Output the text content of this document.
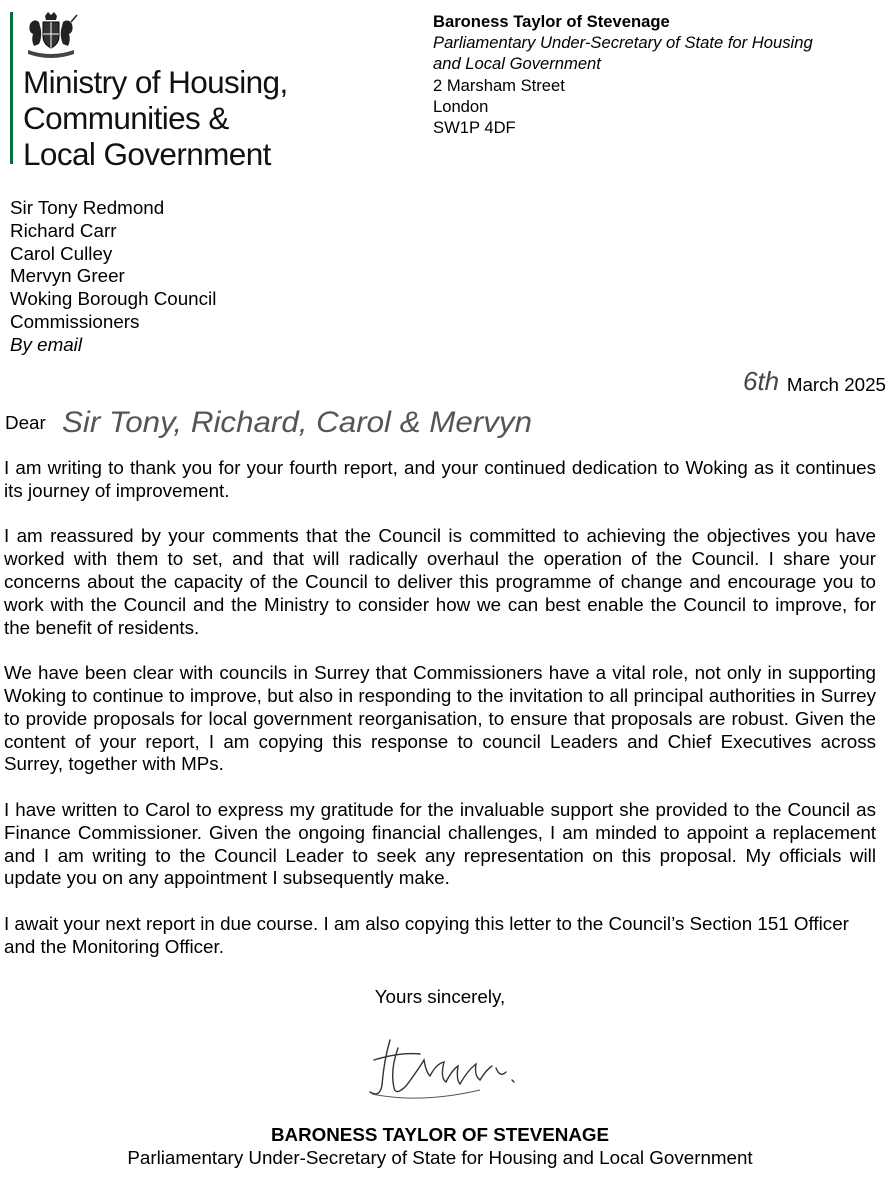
Ministry of Housing,
Communities &
Local Government
Baroness Taylor of Stevenage
Parliamentary Under-Secretary of State for Housing
and Local Government
2 Marsham Street
London
SW1P 4DF
Sir Tony Redmond
Richard Carr
Carol Culley
Mervyn Greer
Woking Borough Council
Commissioners
By email
6th March 2025
Dear Sir Tony, Richard, Carol & Mervyn

I am writing to thank you for your fourth report, and your continued dedication to Woking as it continues its journey of improvement.

I am reassured by your comments that the Council is committed to achieving the objectives you have worked with them to set, and that will radically overhaul the operation of the Council. I share your concerns about the capacity of the Council to deliver this programme of change and encourage you to work with the Council and the Ministry to consider how we can best enable the Council to improve, for the benefit of residents.

We have been clear with councils in Surrey that Commissioners have a vital role, not only in supporting Woking to continue to improve, but also in responding to the invitation to all principal authorities in Surrey to provide proposals for local government reorganisation, to ensure that proposals are robust. Given the content of your report, I am copying this response to council Leaders and Chief Executives across Surrey, together with MPs.

I have written to Carol to express my gratitude for the invaluable support she provided to the Council as Finance Commissioner. Given the ongoing financial challenges, I am minded to appoint a replacement and I am writing to the Council Leader to seek any representation on this proposal. My officials will update you on any appointment I subsequently make.

I await your next report in due course. I am also copying this letter to the Council’s Section 151 Officer and the Monitoring Officer.

Yours sincerely,
BARONESS TAYLOR OF STEVENAGE
Parliamentary Under-Secretary of State for Housing and Local Government
